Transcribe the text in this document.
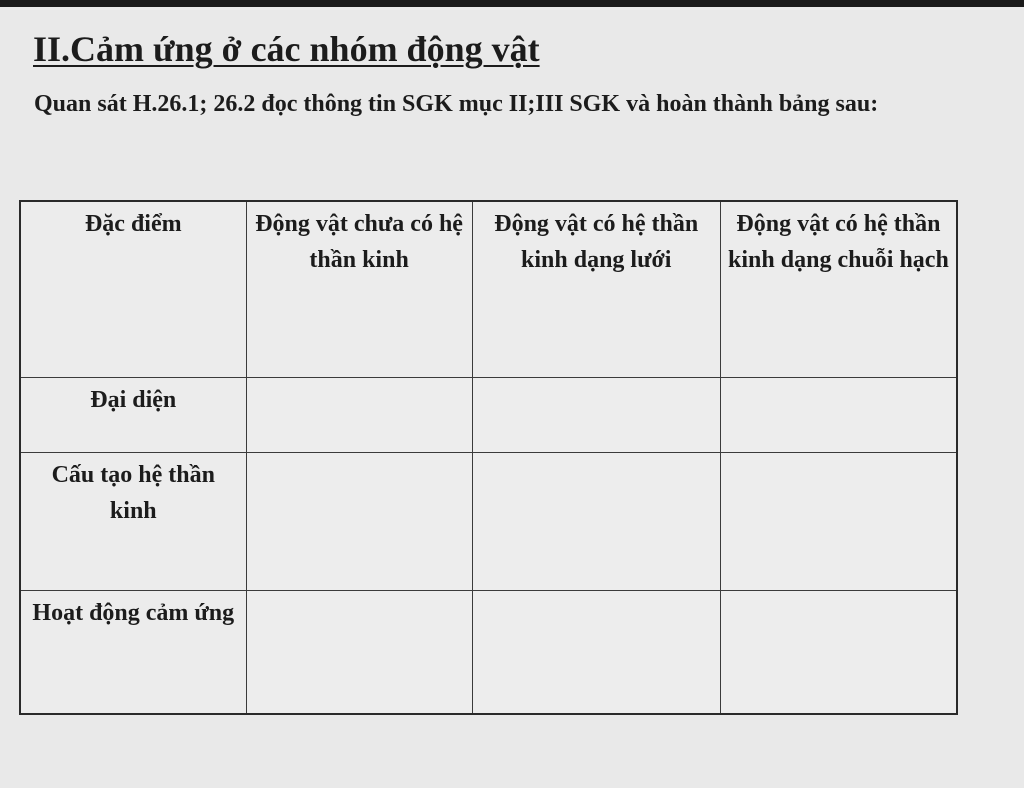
II.Cảm ứng ở các nhóm động vật

Quan sát H.26.1; 26.2 đọc thông tin SGK mục II;III SGK và hoàn thành bảng sau:

Đặc điểm	Động vật chưa có hệ thần kinh	Động vật có hệ thần kinh dạng lưới	Động vật có hệ thần kinh dạng chuỗi hạch
Đại diện			
Cấu tạo hệ thần kinh			
Hoạt động cảm ứng			
